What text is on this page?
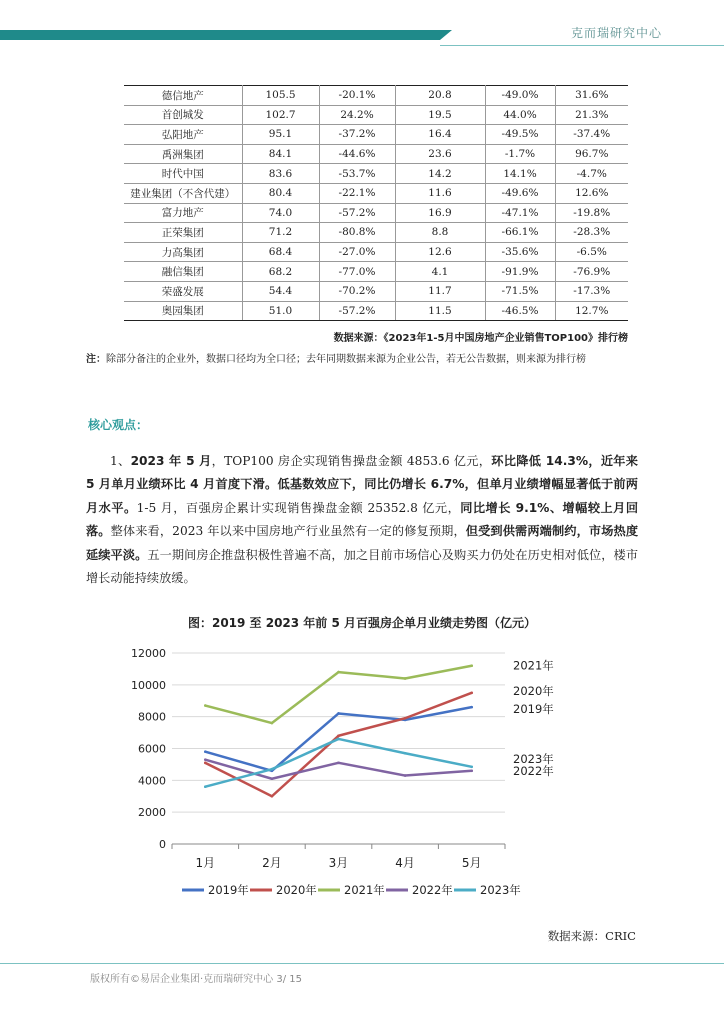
克而瑞研究中心
德信地产	105.5	-20.1%	20.8	-49.0%	31.6%
首创城发	102.7	24.2%	19.5	44.0%	21.3%
弘阳地产	95.1	-37.2%	16.4	-49.5%	-37.4%
禹洲集团	84.1	-44.6%	23.6	-1.7%	96.7%
时代中国	83.6	-53.7%	14.2	14.1%	-4.7%
建业集团（不含代建）	80.4	-22.1%	11.6	-49.6%	12.6%
富力地产	74.0	-57.2%	16.9	-47.1%	-19.8%
正荣集团	71.2	-80.8%	8.8	-66.1%	-28.3%
力高集团	68.4	-27.0%	12.6	-35.6%	-6.5%
融信集团	68.2	-77.0%	4.1	-91.9%	-76.9%
荣盛发展	54.4	-70.2%	11.7	-71.5%	-17.3%
奥园集团	51.0	-57.2%	11.5	-46.5%	12.7%
数据来源：《2023年1-5月中国房地产企业销售TOP100》排行榜
注：除部分备注的企业外，数据口径均为全口径；去年同期数据来源为企业公告，若无公告数据，则来源为排行榜
核心观点：
1、2023 年 5 月，TOP100 房企实现销售操盘金额 4853.6 亿元，环比降低 14.3%，近年来 5 月单月业绩环比 4 月首度下滑。低基数效应下，同比仍增长 6.7%，但单月业绩增幅显著低于前两月水平。1-5 月，百强房企累计实现销售操盘金额 25352.8 亿元，同比增长 9.1%、增幅较上月回落。整体来看，2023 年以来中国房地产行业虽然有一定的修复预期，但受到供需两端制约，市场热度延续平淡。五一期间房企推盘积极性普遍不高，加之目前市场信心及购买力仍处在历史相对低位，楼市增长动能持续放缓。
图：2019 至 2023 年前 5 月百强房企单月业绩走势图（亿元）
0
2000
4000
6000
8000
10000
12000
1月	2月	3月	4月	5月
2019年
2020年
2021年
2022年
2023年
2019年 2020年 2021年 2022年 2023年
数据来源：CRIC
版权所有©易居企业集团·克而瑞研究中心 3/ 15
